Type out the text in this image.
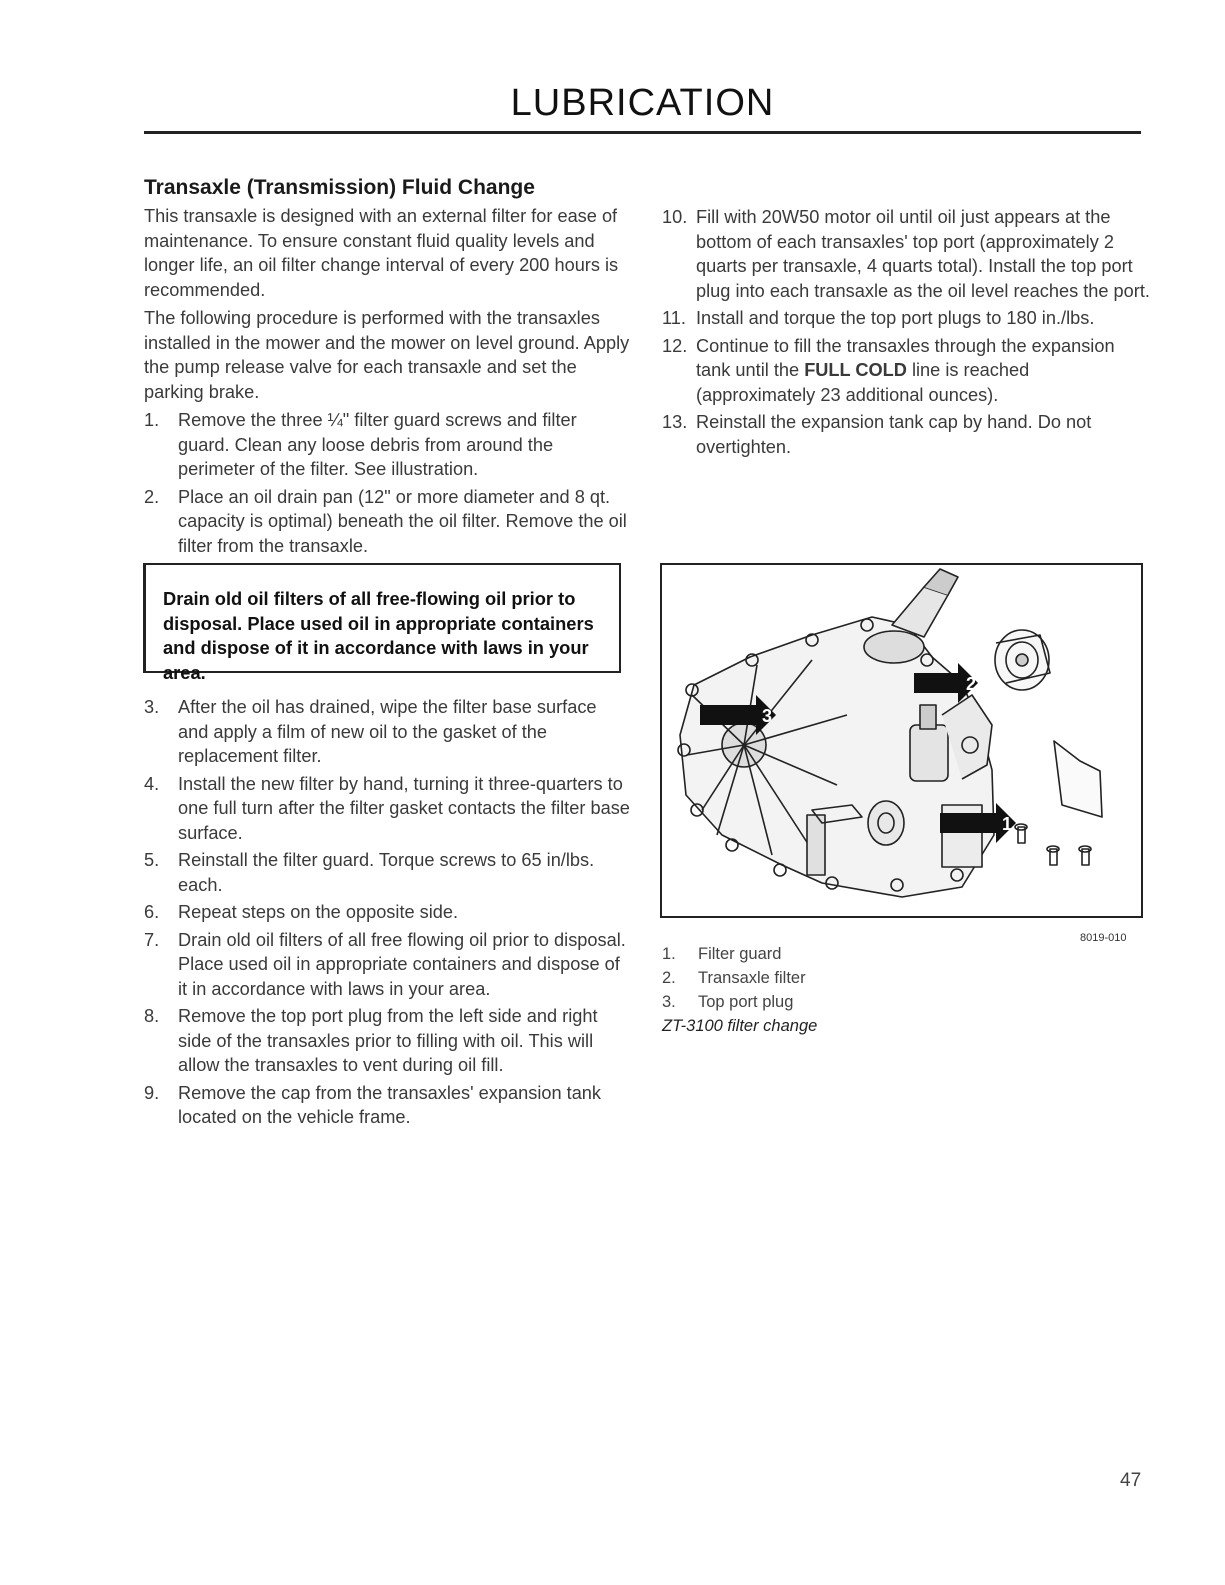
LUBRICATION
Transaxle (Transmission) Fluid Change

This transaxle is designed with an external filter for ease of maintenance. To ensure constant fluid quality levels and longer life, an oil filter change interval of every 200 hours is recommended.

The following procedure is performed with the transaxles installed in the mower and the mower on level ground. Apply the pump release valve for each transaxle and set the parking brake.

1. Remove the three ¼" filter guard screws and filter guard. Clean any loose debris from around the perimeter of the filter. See illustration.
2. Place an oil drain pan (12" or more diameter and 8 qt. capacity is optimal) beneath the oil filter. Remove the oil filter from the transaxle.

Drain old oil filters of all free-flowing oil prior to disposal. Place used oil in appropriate containers and dispose of it in accordance with laws in your area.

3. After the oil has drained, wipe the filter base surface and apply a film of new oil to the gasket of the replacement filter.
4. Install the new filter by hand, turning it three-quarters to one full turn after the filter gasket contacts the filter base surface.
5. Reinstall the filter guard. Torque screws to 65 in/lbs. each.
6. Repeat steps on the opposite side.
7. Drain old oil filters of all free flowing oil prior to disposal. Place used oil in appropriate containers and dispose of it in accordance with laws in your area.
8. Remove the top port plug from the left side and right side of the transaxles prior to filling with oil. This will allow the transaxles to vent during oil fill.
9. Remove the cap from the transaxles' expansion tank located on the vehicle frame.
10. Fill with 20W50 motor oil until oil just appears at the bottom of each transaxles' top port (approximately 2 quarts per transaxle, 4 quarts total). Install the top port plug into each transaxle as the oil level reaches the port.
11. Install and torque the top port plugs to 180 in./lbs.
12. Continue to fill the transaxles through the expansion tank until the FULL COLD line is reached (approximately 23 additional ounces).
13. Reinstall the expansion tank cap by hand. Do not overtighten.
2
3
1
8019-010
1. Filter guard
2. Transaxle filter
3. Top port plug
ZT-3100 filter change
47
